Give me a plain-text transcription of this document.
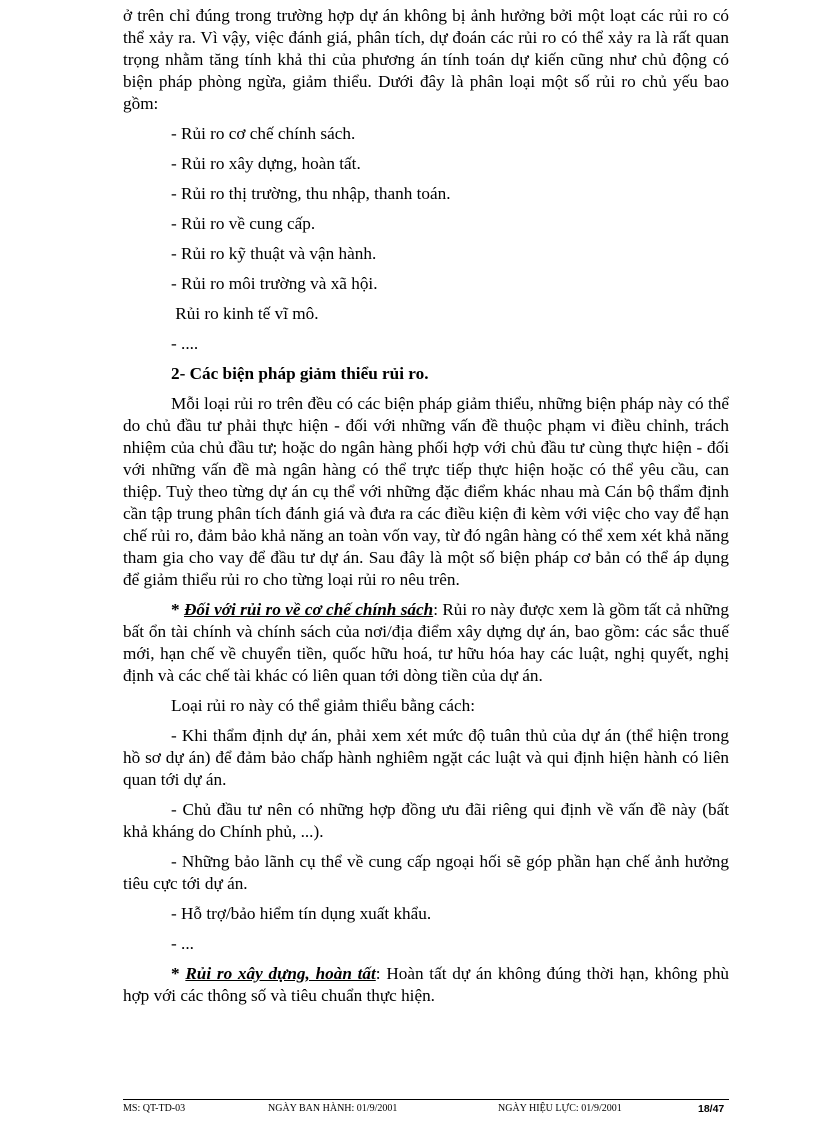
ở trên chỉ đúng trong trường hợp dự án không bị ảnh hưởng bởi một loạt các rủi ro có thể xảy ra. Vì vậy, việc đánh giá, phân tích, dự đoán các rủi ro có thể xảy ra là rất quan trọng nhằm tăng tính khả thi của phương án tính toán dự kiến cũng như chủ động có biện pháp phòng ngừa, giảm thiểu. Dưới đây là phân loại một số rủi ro chủ yếu bao gồm:

- Rủi ro cơ chế chính sách.

- Rủi ro xây dựng, hoàn tất.

- Rủi ro thị trường, thu nhập, thanh toán.

- Rủi ro về cung cấp.

- Rủi ro kỹ thuật và vận hành.

- Rủi ro môi trường và xã hội.

Rủi ro kinh tế vĩ mô.

- ....

2- Các biện pháp giảm thiểu rủi ro.

Mỗi loại rủi ro trên đều có các biện pháp giảm thiểu, những biện pháp này có thể do chủ đầu tư phải thực hiện - đối với những vấn đề thuộc phạm vi điều chỉnh, trách nhiệm của chủ đầu tư; hoặc do ngân hàng phối hợp với chủ đầu tư cùng thực hiện - đối với những vấn đề mà ngân hàng có thể trực tiếp thực hiện hoặc có thể yêu cầu, can thiệp. Tuỳ theo từng dự án cụ thể với những đặc điểm khác nhau mà Cán bộ thẩm định cần tập trung phân tích đánh giá và đưa ra các điều kiện đi kèm với việc cho vay để hạn chế rủi ro, đảm bảo khả năng an toàn vốn vay, từ đó ngân hàng có thể xem xét khả năng tham gia cho vay để đầu tư dự án. Sau đây là một số biện pháp cơ bản có thể áp dụng để giảm thiểu rủi ro cho từng loại rủi ro nêu trên.

* Đối với rủi ro về cơ chế chính sách: Rủi ro này được xem là gồm tất cả những bất ổn tài chính và chính sách của nơi/địa điểm xây dựng dự án, bao gồm: các sắc thuế mới, hạn chế về chuyển tiền, quốc hữu hoá, tư hữu hóa hay các luật, nghị quyết, nghị định và các chế tài khác có liên quan tới dòng tiền của dự án.

Loại rủi ro này có thể giảm thiểu bằng cách:

- Khi thẩm định dự án, phải xem xét mức độ tuân thủ của dự án (thể hiện trong hồ sơ dự án) để đảm bảo chấp hành nghiêm ngặt các luật và qui định hiện hành có liên quan tới dự án.

- Chủ đầu tư nên có những hợp đồng ưu đãi riêng qui định về vấn đề này (bất khả kháng do Chính phủ, ...).

- Những bảo lãnh cụ thể về cung cấp ngoại hối sẽ góp phần hạn chế ảnh hưởng tiêu cực tới dự án.

- Hỗ trợ/bảo hiểm tín dụng xuất khẩu.

- ...

* Rủi ro xây dựng, hoàn tất: Hoàn tất dự án không đúng thời hạn, không phù hợp với các thông số và tiêu chuẩn thực hiện.

MS: QT-TD-03	NGÀY BAN HÀNH: 01/9/2001	NGÀY HIỆU LỰC: 01/9/2001	18/47
